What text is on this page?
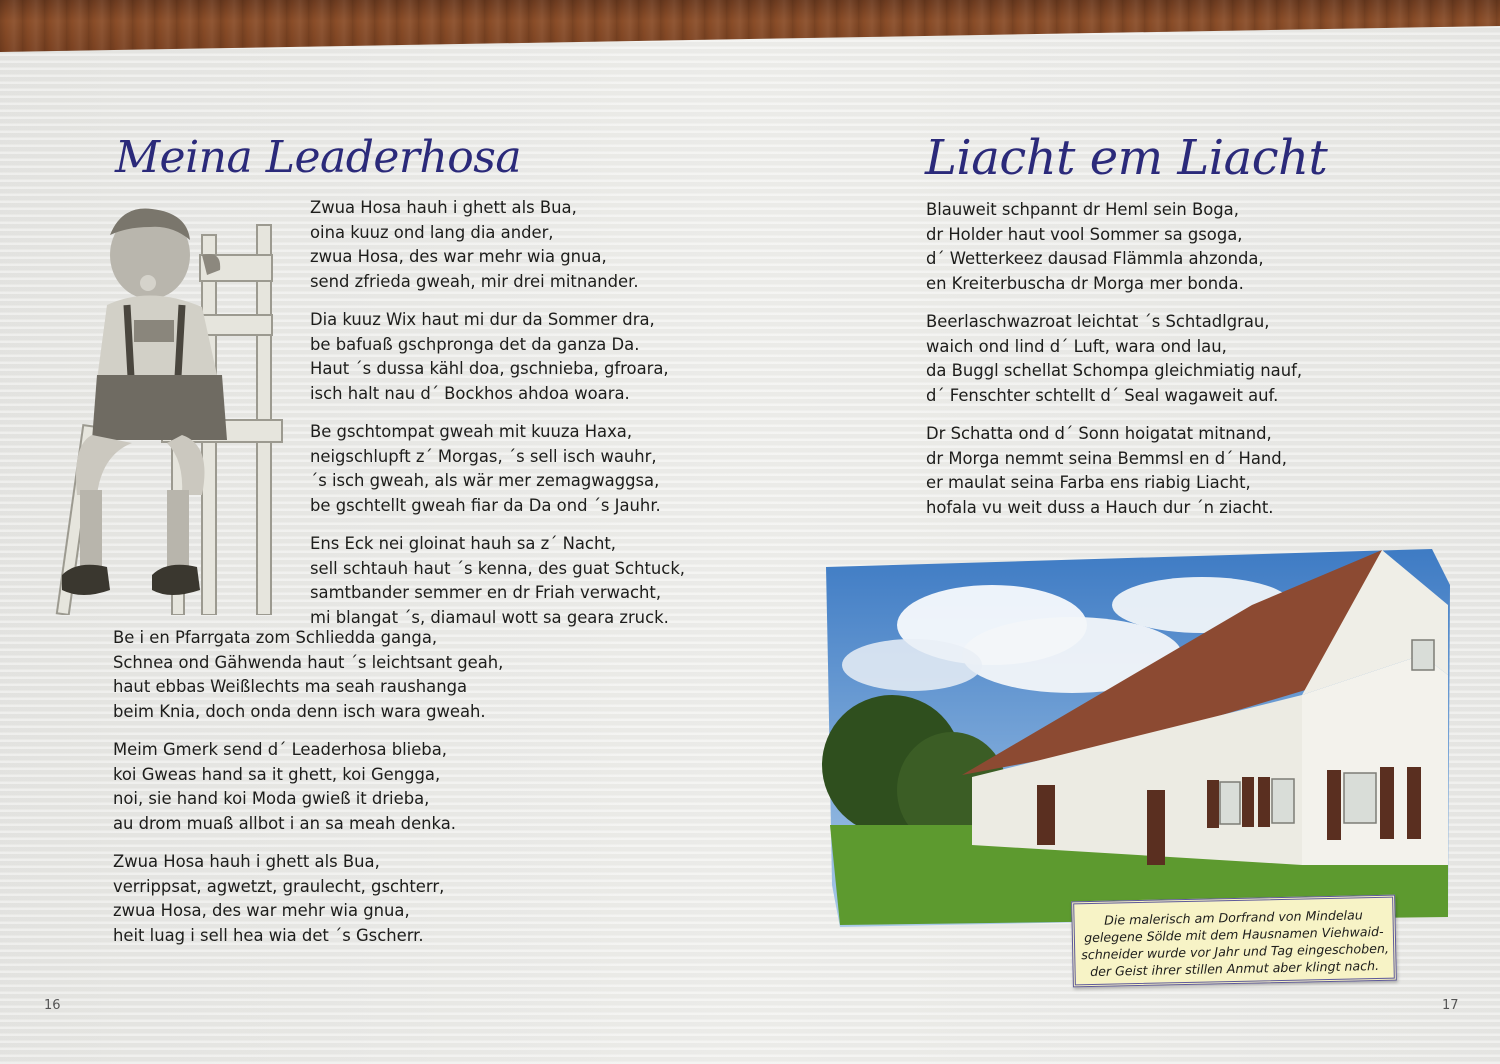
Meina Leaderhosa
Zwua Hosa hauh i ghett als Bua,
oina kuuz ond lang dia ander,
zwua Hosa, des war mehr wia gnua,
send zfrieda gweah, mir drei mitnander.
Dia kuuz Wix haut mi dur da Sommer dra,
be bafuaß gschpronga det da ganza Da.
Haut ´s dussa kähl doa, gschnieba, gfroara,
isch halt nau d´ Bockhos ahdoa woara.
Be gschtompat gweah mit kuuza Haxa,
neigschlupft z´ Morgas, ´s sell isch wauhr,
´s isch gweah, als wär mer zemagwaggsa,
be gschtellt gweah fiar da Da ond ´s Jauhr.
Ens Eck nei gloinat hauh sa z´ Nacht,
sell schtauh haut ´s kenna, des guat Schtuck,
samtbander semmer en dr Friah verwacht,
mi blangat ´s, diamaul wott sa geara zruck.
Be i en Pfarrgata zom Schliedda ganga,
Schnea ond Gähwenda haut ´s leichtsant geah,
haut ebbas Weißlechts ma seah raushanga
beim Knia, doch onda denn isch wara gweah.
Meim Gmerk send d´ Leaderhosa blieba,
koi Gweas hand sa it ghett, koi Gengga,
noi, sie hand koi Moda gwieß it drieba,
au drom muaß allbot i an sa meah denka.
Zwua Hosa hauh i ghett als Bua,
verrippsat, agwetzt, graulecht, gschterr,
zwua Hosa, des war mehr wia gnua,
heit luag i sell hea wia det ´s Gscherr.
16
Liacht em Liacht
Blauweit schpannt dr Heml sein Boga,
dr Holder haut vool Sommer sa gsoga,
d´ Wetterkeez dausad Flämmla ahzonda,
en Kreiterbuscha dr Morga mer bonda.
Beerlaschwazroat leichtat ´s Schtadlgrau,
waich ond lind d´ Luft, wara ond lau,
da Buggl schellat Schompa gleichmiatig nauf,
d´ Fenschter schtellt d´ Seal wagaweit auf.
Dr Schatta ond d´ Sonn hoigatat mitnand,
dr Morga nemmt seina Bemmsl en d´ Hand,
er maulat seina Farba ens riabig Liacht,
hofala vu weit duss a Hauch dur ´n ziacht.
Die malerisch am Dorfrand von Mindelau
gelegene Sölde mit dem Hausnamen Viehwaid-
schneider wurde vor Jahr und Tag eingeschoben,
der Geist ihrer stillen Anmut aber klingt nach.
17
